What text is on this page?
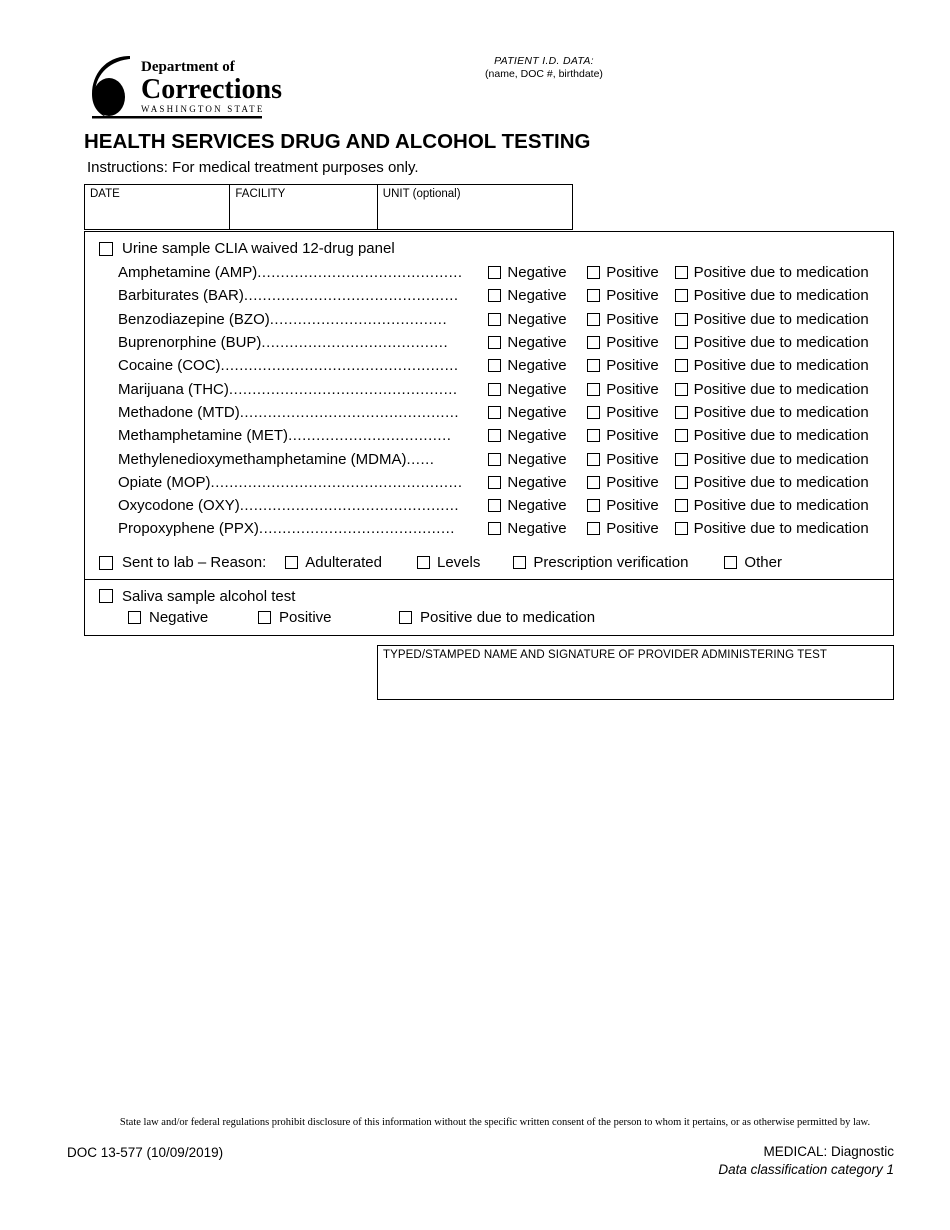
Department of
Corrections
WASHINGTON STATE
PATIENT I.D. DATA:
(name, DOC #, birthdate)
HEALTH SERVICES DRUG AND ALCOHOL TESTING
Instructions: For medical treatment purposes only.
DATE	FACILITY	UNIT (optional)
Urine sample CLIA waived 12-drug panel
Amphetamine (AMP)............................................	Negative	Positive Positive due to medication
Barbiturates (BAR)..............................................	Negative	Positive Positive due to medication
Benzodiazepine (BZO)......................................	Negative	Positive Positive due to medication
Buprenorphine (BUP)........................................	Negative	Positive Positive due to medication
Cocaine (COC)...................................................	Negative	Positive Positive due to medication
Marijuana (THC).................................................	Negative	Positive Positive due to medication
Methadone (MTD)...............................................	Negative	Positive Positive due to medication
Methamphetamine (MET)...................................	Negative	Positive Positive due to medication
Methylenedioxymethamphetamine (MDMA)......	Negative	Positive Positive due to medication
Opiate (MOP)......................................................	Negative	Positive Positive due to medication
Oxycodone (OXY)...............................................	Negative	Positive Positive due to medication
Propoxyphene (PPX)..........................................	Negative	Positive Positive due to medication
Sent to lab – Reason:	Adulterated	Levels	Prescription verification	Other
Saliva sample alcohol test
Negative	Positive	Positive due to medication
TYPED/STAMPED NAME AND SIGNATURE OF PROVIDER ADMINISTERING TEST
State law and/or federal regulations prohibit disclosure of this information without the specific written consent of the person to whom it pertains, or as otherwise permitted by law.
DOC 13-577 (10/09/2019)	MEDICAL: Diagnostic
Data classification category 1
